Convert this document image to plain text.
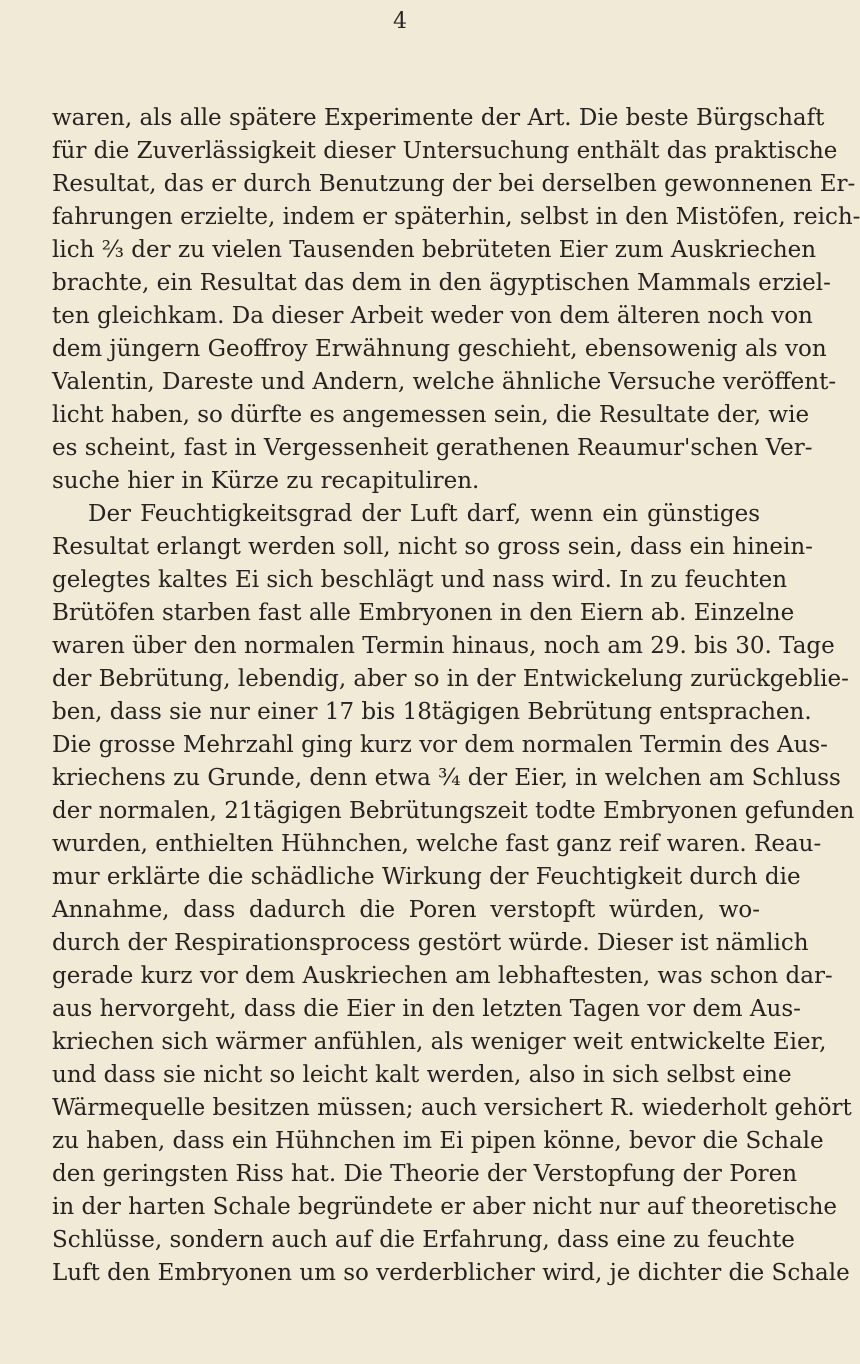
4
waren, als alle spätere Experimente der Art. Die beste Bürgschaft
für die Zuverlässigkeit dieser Untersuchung enthält das praktische
Resultat, das er durch Benutzung der bei derselben gewonnenen Er-
fahrungen erzielte, indem er späterhin, selbst in den Mistöfen, reich-
lich ²⁄₃ der zu vielen Tausenden bebrüteten Eier zum Auskriechen
brachte, ein Resultat das dem in den ägyptischen Mammals erziel-
ten gleichkam. Da dieser Arbeit weder von dem älteren noch von
dem jüngern Geoffroy Erwähnung geschieht, ebensowenig als von
Valentin, Dareste und Andern, welche ähnliche Versuche veröffent-
licht haben, so dürfte es angemessen sein, die Resultate der, wie
es scheint, fast in Vergessenheit gerathenen Reaumur'schen Ver-
suche hier in Kürze zu recapituliren.
Der Feuchtigkeitsgrad der Luft darf, wenn ein günstiges
Resultat erlangt werden soll, nicht so gross sein, dass ein hinein-
gelegtes kaltes Ei sich beschlägt und nass wird. In zu feuchten
Brütöfen starben fast alle Embryonen in den Eiern ab. Einzelne
waren über den normalen Termin hinaus, noch am 29. bis 30. Tage
der Bebrütung, lebendig, aber so in der Entwickelung zurückgeblie-
ben, dass sie nur einer 17 bis 18tägigen Bebrütung entsprachen.
Die grosse Mehrzahl ging kurz vor dem normalen Termin des Aus-
kriechens zu Grunde, denn etwa ³⁄₄ der Eier, in welchen am Schluss
der normalen, 21tägigen Bebrütungszeit todte Embryonen gefunden
wurden, enthielten Hühnchen, welche fast ganz reif waren. Reau-
mur erklärte die schädliche Wirkung der Feuchtigkeit durch die
Annahme, dass dadurch die Poren verstopft würden, wo-
durch der Respirationsprocess gestört würde. Dieser ist nämlich
gerade kurz vor dem Auskriechen am lebhaftesten, was schon dar-
aus hervorgeht, dass die Eier in den letzten Tagen vor dem Aus-
kriechen sich wärmer anfühlen, als weniger weit entwickelte Eier,
und dass sie nicht so leicht kalt werden, also in sich selbst eine
Wärmequelle besitzen müssen; auch versichert R. wiederholt gehört
zu haben, dass ein Hühnchen im Ei pipen könne, bevor die Schale
den geringsten Riss hat. Die Theorie der Verstopfung der Poren
in der harten Schale begründete er aber nicht nur auf theoretische
Schlüsse, sondern auch auf die Erfahrung, dass eine zu feuchte
Luft den Embryonen um so verderblicher wird, je dichter die Schale
